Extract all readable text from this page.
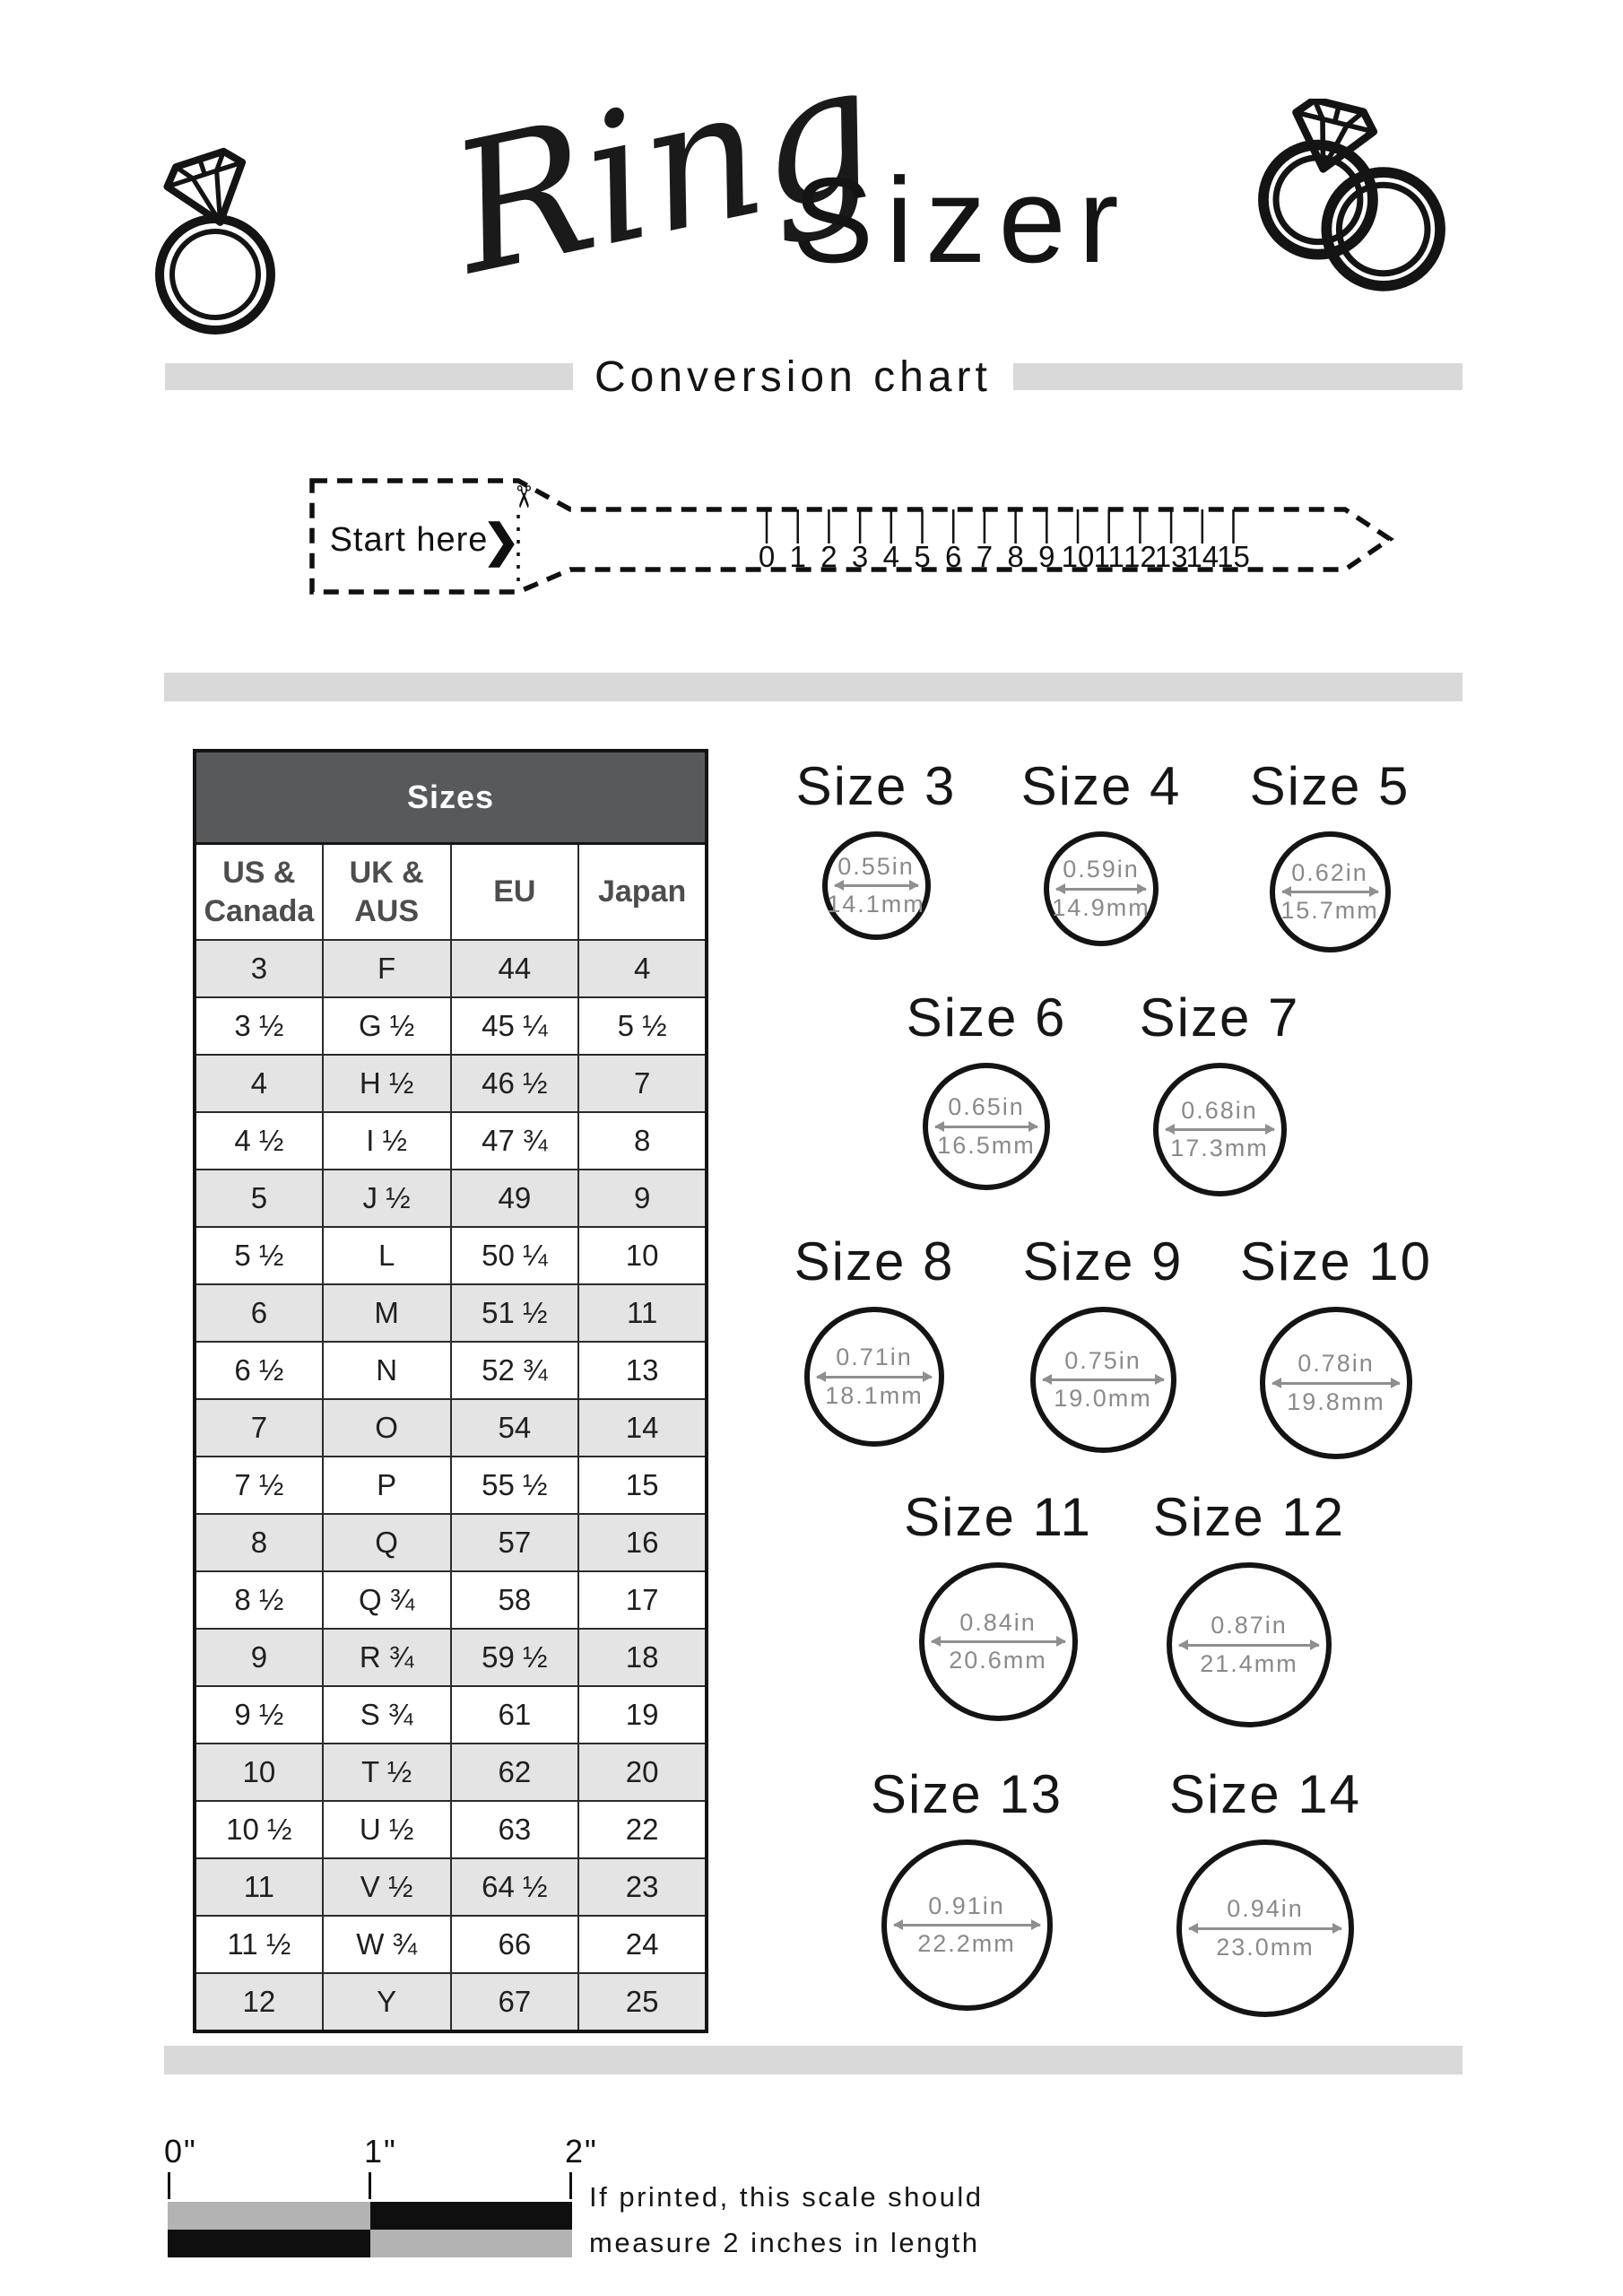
Ring
Sizer
Conversion chart
Start here
❯
✂
0 1 2 3 4 5 6 7 8 9 10 11 12
13
14
15
Sizes			
US & Canada	UK & AUS	EU	Japan
3	F	44	4
3 ½	G ½	45 ¼	5 ½
4	H ½	46 ½	7
4 ½	I ½	47 ¾	8
5	J ½	49	9
5 ½	L	50 ¼	10
6	M	51 ½	11
6 ½	N	52 ¾	13
7	O	54	14
7 ½	P	55 ½	15
8	Q	57	16
8 ½	Q ¾	58	17
9	R ¾	59 ½	18
9 ½	S ¾	61	19
10	T ½	62	20
10 ½	U ½	63	22
11	V ½	64 ½	23
11 ½	W ¾	66	24
12	Y	67	25
Size 3
0.55in
14.1mm
Size 4
0.59in
14.9mm
Size 5
0.62in
15.7mm
Size 6
0.65in
16.5mm
Size 7
0.68in
17.3mm
Size 8
0.71in
18.1mm
Size 9
0.75in
19.0mm
Size 10
0.78in
19.8mm
Size 11
0.84in
20.6mm
Size 12
0.87in
21.4mm
Size 13
0.91in
22.2mm
Size 14
0.94in
23.0mm
0"	1"	2"
If printed, this scale should
measure 2 inches in length
